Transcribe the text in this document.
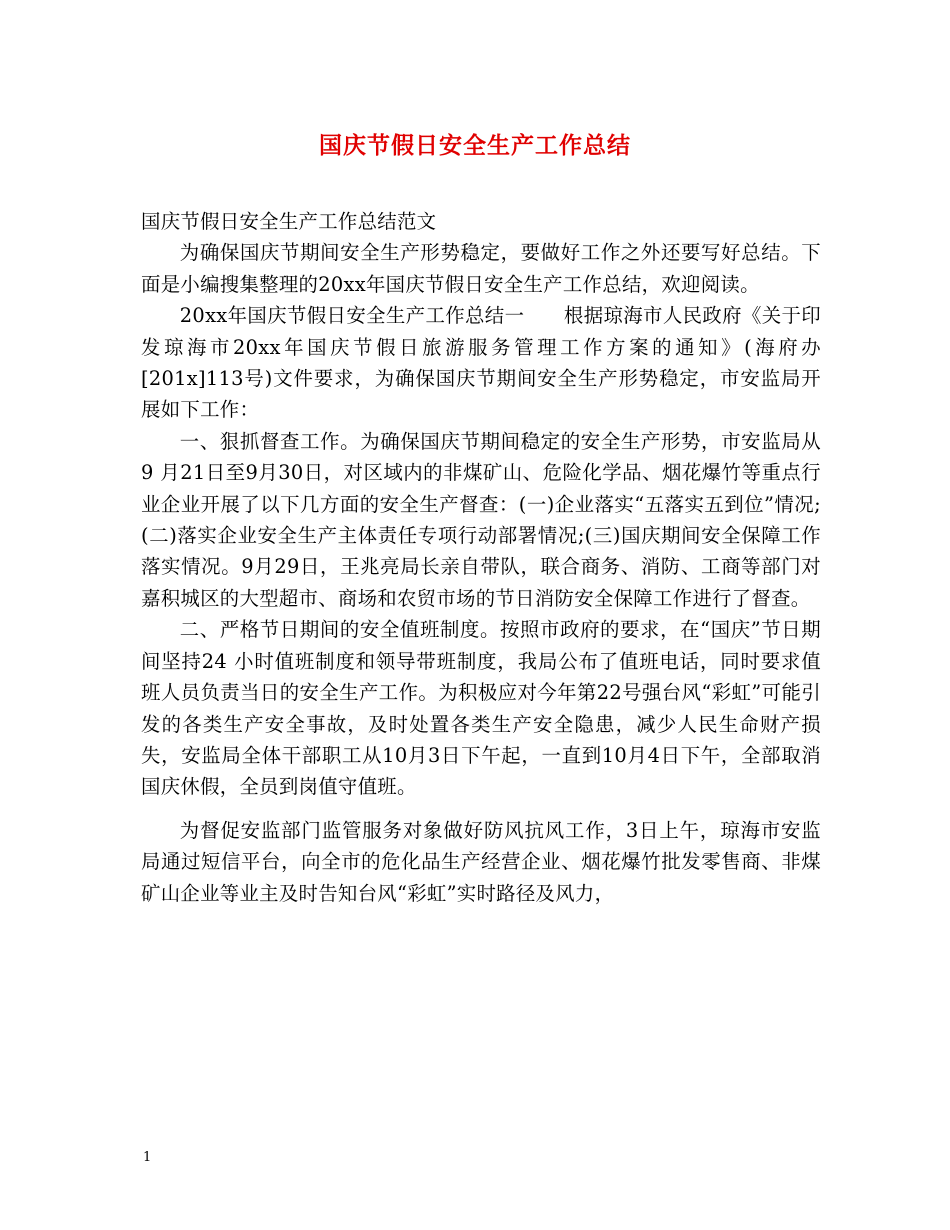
国庆节假日安全生产工作总结

国庆节假日安全生产工作总结范文

为确保国庆节期间安全生产形势稳定，要做好工作之外还要写好总结。下面是小编搜集整理的20xx年国庆节假日安全生产工作总结，欢迎阅读。

20xx年国庆节假日安全生产工作总结一　　根据琼海市人民政府《关于印发琼海市20xx年国庆节假日旅游服务管理工作方案的通知》(海府办[201x]113号)文件要求，为确保国庆节期间安全生产形势稳定，市安监局开展如下工作：

一、狠抓督查工作。为确保国庆节期间稳定的安全生产形势，市安监局从9 月21日至9月30日，对区域内的非煤矿山、危险化学品、烟花爆竹等重点行业企业开展了以下几方面的安全生产督查：(一)企业落实“五落实五到位”情况;(二)落实企业安全生产主体责任专项行动部署情况;(三)国庆期间安全保障工作落实情况。9月29日，王兆亮局长亲自带队，联合商务、消防、工商等部门对嘉积城区的大型超市、商场和农贸市场的节日消防安全保障工作进行了督查。

二、严格节日期间的安全值班制度。按照市政府的要求，在“国庆”节日期间坚持24 小时值班制度和领导带班制度，我局公布了值班电话，同时要求值班人员负责当日的安全生产工作。为积极应对今年第22号强台风“彩虹”可能引发的各类生产安全事故，及时处置各类生产安全隐患，减少人民生命财产损失，安监局全体干部职工从10月3日下午起，一直到10月4日下午，全部取消国庆休假，全员到岗值守值班。

为督促安监部门监管服务对象做好防风抗风工作，3日上午，琼海市安监局通过短信平台，向全市的危化品生产经营企业、烟花爆竹批发零售商、非煤矿山企业等业主及时告知台风“彩虹”实时路径及风力，

1
